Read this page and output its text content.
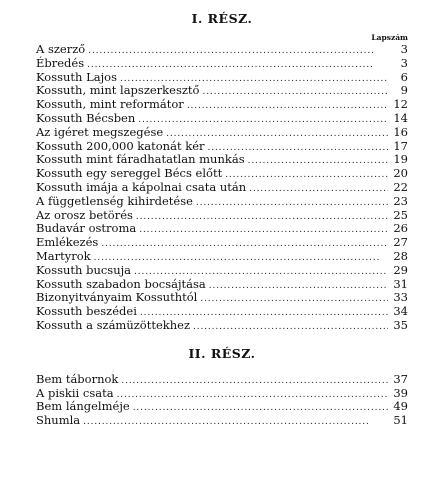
I. RÉSZ.
Lapszám
A szerző . . .	3
Ébredés . . .	3
Kossuth Lajos . . .	6
Kossuth, mint lapszerkesztő . . .	9
Kossuth, mint reformátor . . .	12
Kossuth Bécsben . . .	14
Az igéret megszegése . . .	16
Kossuth 200,000 katonát kér . . .	17
Kossuth mint fáradhatatlan munkás . . .	19
Kossuth egy sereggel Bécs előtt . . .	20
Kossuth imája a kápolnai csata után . . .	22
A függetlenség kihirdetése . . .	23
Az orosz betörés . . .	25
Budavár ostroma . . .	26
Emlékezés . . .	27
Martyrok . . .	28
Kossuth bucsuja . . .	29
Kossuth szabadon bocsájtása . . .	31
Bizonyitványaim Kossuthtól . . .	33
Kossuth beszédei . . .	34
Kossuth a számüzöttekhez . . .	35
II. RÉSZ.
Bem tábornok . . .	37
A piskii csata . . .	39
Bem lángelméje . . .	49
Shumla . . .	51
